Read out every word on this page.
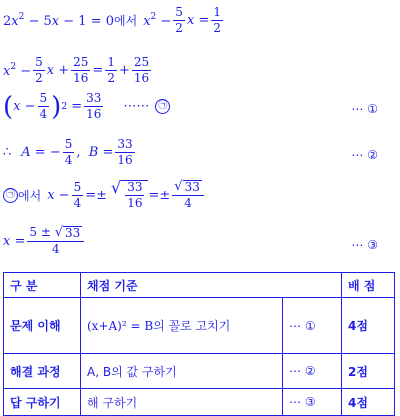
$2x^2 - 5x - 1 = 0$ 에서 $x^2 - \frac{5}{2}$ $x = \frac{1}{2}$
$x^2 - \frac{5}{2}$ $x + \frac{25}{16} = \frac{1}{2} + \frac{25}{16}$
( $x - \frac{5}{4}$ ) $2 = \frac{33}{16}$ ⋯⋯ ㉠	⋯ ①
∴ A = − $\frac{5}{4}$ ,  $B = \frac{33}{16}$	⋯ ②
㉠ 에서 $x - \frac{5}{4}$ =± √ $\frac{33}{16} =\pm \frac{√ 33}{4}$
$x = \frac{5 \pm √ 33}{4}$	⋯ ③
구 분	채점 기준		배 점
문제 이해	(x+A)² = B의 꼴로 고치기	⋯ ①	4점
해결 과정	A, B의 값 구하기	⋯ ②	2점
답 구하기	해 구하기	⋯ ③	4점
